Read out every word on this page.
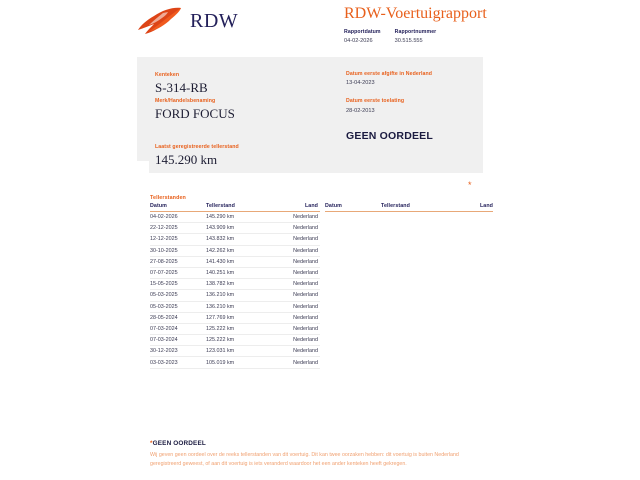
RDW	RDW-Voertuigrapport
Rapportdatum
04-02-2026
Rapportnummer
30.515.555
Kenteken
S-314-RB
Merk/Handelsbenaming
FORD FOCUS
Laatst geregistreerde tellerstand
145.290 km
Datum eerste afgifte in Nederland
13-04-2023
Datum eerste toelating
28-02-2013
GEEN OORDEEL
*
Tellerstanden
Datum	Tellerstand	Land
04-02-2026	145.290 km	Nederland
22-12-2025	143.909 km	Nederland
12-12-2025	143.832 km	Nederland
30-10-2025	142.262 km	Nederland
27-08-2025	141.430 km	Nederland
07-07-2025	140.251 km	Nederland
15-05-2025	138.782 km	Nederland
05-03-2025	136.210 km	Nederland
05-03-2025	136.210 km	Nederland
28-05-2024	127.769 km	Nederland
07-03-2024	125.222 km	Nederland
07-03-2024	125.222 km	Nederland
30-12-2023	123.031 km	Nederland
03-03-2023	105.019 km	Nederland
Datum	Tellerstand	Land
*GEEN OORDEEL
Wij geven geen oordeel over de reeks tellerstanden van dit voertuig. Dit kan twee oorzaken hebben: dit voertuig is buiten Nederland geregistreerd geweest, of aan dit voertuig is iets veranderd waardoor het een ander kenteken heeft gekregen.
